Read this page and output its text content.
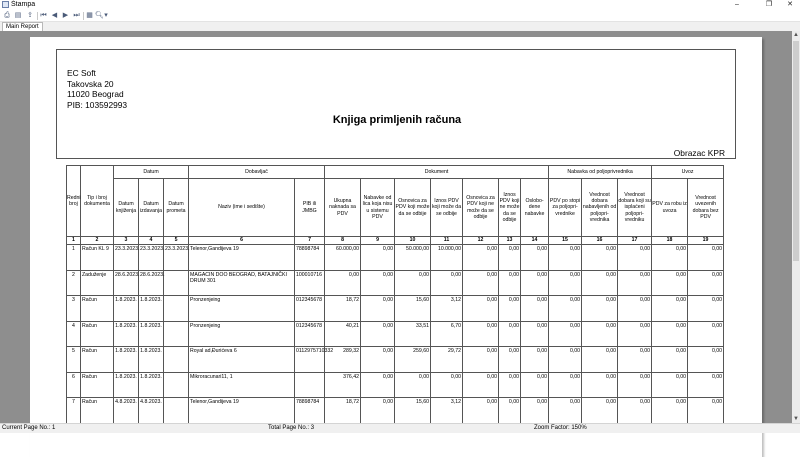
Štampa	–	❐	✕
⎙ ▤ ⇪ ⏮ ◀ ▶ ⏭ ▦ 🔍︎ ▾
Main Report
EC Soft
Takovska 20
11020 Beograd
PIB: 103592993
Knjiga primljenih računa
Obrazac KPR
Redni broj	Tip i broj dokumenta	Datum			Dobavljač		Dokument							Nabavka od poljoprivrednika			Uvoz	
		Datum knjiženja	Datum izdavanja	Datum prometa	Naziv (ime i sedište)	PIB ili JMBG	Ukupna naknada sa PDV	Nabavke od lica koja nisu u sistemu PDV	Osnovica za PDV koji može da se odbije	Iznos PDV koji može da se odbije	Osnovica za PDV koji ne može da se odbije	Iznos PDV koji ne može da se odbije	Oslobo-dene nabavke	PDV po stopi za poljopri-vrednike	Vrednost dobara nabavljenih od poljopri-vrednika	Vrednost dobara koji su isplaćeni poljopri-vredniku	PDV za robu iz uvoza	Vrednost uvezenih dobara bez PDV
1	2	3	4	5	6	7	8	9	10	11	12	13	14	15	16	17	18	19
1	Račun KL 9	23.3.2023.	23.3.2023.	23.3.2023.	Telenor,Gandijeva 19	78898784	60.000,00	0,00	50.000,00	10.000,00	0,00	0,00	0,00	0,00	0,00	0,00	0,00	0,00
2	Zaduženje	28.6.2023.	28.6.2023.		MAGACIN DOO BEOGRAD, BATAJNIČKI DRUM 301	100010716	0,00	0,00	0,00	0,00	0,00	0,00	0,00	0,00	0,00	0,00	0,00	0,00
3	Račun	1.8.2023.	1.8.2023.		Pronzenjeing	012345678	18,72	0,00	15,60	3,12	0,00	0,00	0,00	0,00	0,00	0,00	0,00	0,00
4	Račun	1.8.2023.	1.8.2023.		Pronzenjeing	012345678	40,21	0,00	33,51	6,70	0,00	0,00	0,00	0,00	0,00	0,00	0,00	0,00
5	Račun	1.8.2023.	1.8.2023.		Royal ad,Đurićeva 6	0112975710332	289,32	0,00	259,60	29,72	0,00	0,00	0,00	0,00	0,00	0,00	0,00	0,00
6	Račun	1.8.2023.	1.8.2023.		Mikroracunari11, 1		376,42	0,00	0,00	0,00	0,00	0,00	0,00	0,00	0,00	0,00	0,00	0,00
7	Račun	4.8.2023.	4.8.2023.		Telenor,Gandijeva 19	78898784	18,72	0,00	15,60	3,12	0,00	0,00	0,00	0,00	0,00	0,00	0,00	0,00
▲
▼
Current Page No.: 1	Total Page No.: 3	Zoom Factor: 150%
